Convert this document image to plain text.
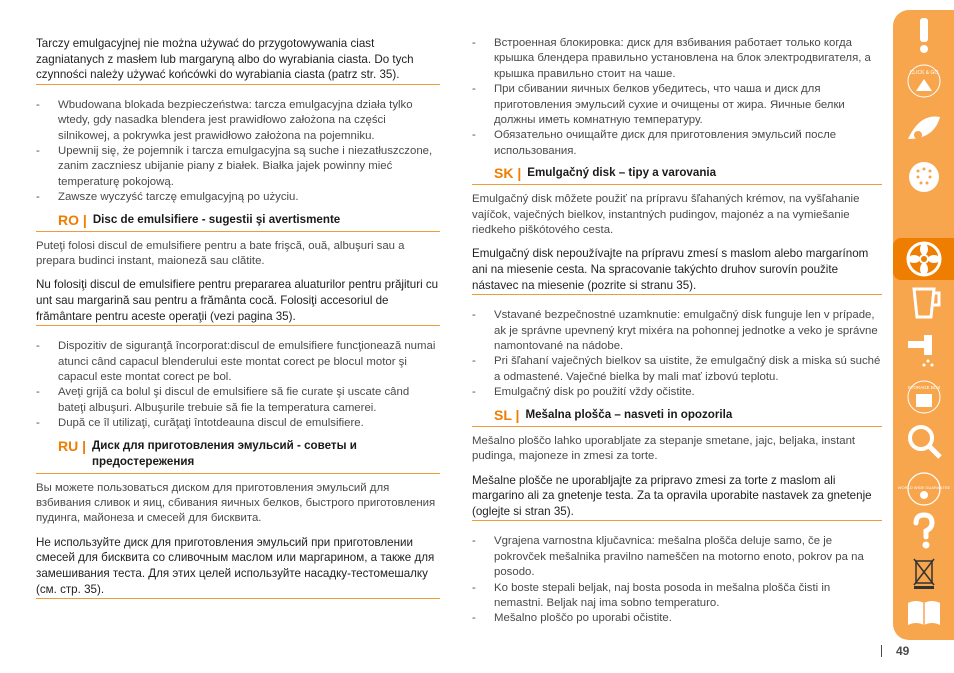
Tarczy emulgacyjnej nie można używać do przygotowywania ciast zagniatanych z masłem lub margaryną albo do wyrabiania ciasta. Do tych czynności należy używać końcówki do wyrabiania ciasta (patrz str. 35).
- Wbudowana blokada bezpieczeństwa: tarcza emulgacyjna działa tylko wtedy, gdy nasadka blendera jest prawidłowo założona na części silnikowej, a pokrywka jest prawidłowo założona na pojemniku.
- Upewnij się, że pojemnik i tarcza emulgacyjna są suche i niezatłuszczone, zanim zaczniesz ubijanie piany z białek. Białka jajek powinny mieć temperaturę pokojową.
- Zawsze wyczyść tarczę emulgacyjną po użyciu.
RO | Disc de emulsifiere - sugestii şi avertismente

Puteţi folosi discul de emulsifiere pentru a bate frişcă, ouă, albuşuri sau a prepara budinci instant, maioneză sau clătite.

Nu folosiţi discul de emulsifiere pentru prepararea aluaturilor pentru prăjituri cu unt sau margarină sau pentru a frământa cocă. Folosiţi accesoriul de frământare pentru aceste operaţii (vezi pagina 35).
- Dispozitiv de siguranţă încorporat:discul de emulsifiere funcţionează numai atunci când capacul blenderului este montat corect pe blocul motor şi capacul este montat corect pe bol.
- Aveţi grijă ca bolul şi discul de emulsifiere să fie curate şi uscate când bateţi albuşuri. Albuşurile trebuie să fie la temperatura camerei.
- După ce îl utilizaţi, curăţaţi întotdeauna discul de emulsifiere.
RU | Диск для приготовления эмульсий - советы и предостережения

Вы можете пользоваться диском для приготовления эмульсий для взбивания сливок и яиц, сбивания яичных белков, быстрого приготовления пудинга, майонеза и смесей для бисквита.

Не используйте диск для приготовления эмульсий при приготовлении смесей для бисквита со сливочным маслом или маргарином, а также для замешивания теста. Для этих целей используйте насадку-тестомешалку (см. стр. 35).
- Встроенная блокировка: диск для взбивания работает только когда крышка блендера правильно установлена на блок электродвигателя, а крышка правильно стоит на чаше.
- При сбивании яичных белков убедитесь, что чаша и диск для приготовления эмульсий сухие и очищены от жира. Яичные белки должны иметь комнатную температуру.
- Обязательно очищайте диск для приготовления эмульсий после использования.
SK | Emulgačný disk – tipy a varovania

Emulgačný disk môžete použiť na prípravu šľahaných krémov, na vyšľahanie vajíčok, vaječných bielkov, instantných pudingov, majonéz a na vymiešanie riedkeho piškótového cesta.

Emulgačný disk nepoužívajte na prípravu zmesí s maslom alebo margarínom ani na miesenie cesta. Na spracovanie takýchto druhov surovín použite nástavec na miesenie (pozrite si stranu 35).
- Vstavané bezpečnostné uzamknutie: emulgačný disk funguje len v prípade, ak je správne upevnený kryt mixéra na pohonnej jednotke a veko je správne namontované na nádobe.
- Pri šľahaní vaječných bielkov sa uistite, že emulgačný disk a miska sú suché a odmastené. Vaječné bielka by mali mať izbovú teplotu.
- Emulgačný disk po použití vždy očistite.
SL | Mešalna plošča – nasveti in opozorila

Mešalno ploščo lahko uporabljate za stepanje smetane, jajc, beljaka, instant pudinga, majoneze in zmesi za torte.

Mešalne plošče ne uporabljajte za pripravo zmesi za torte z maslom ali margarino ali za gnetenje testa. Za ta opravila uporabite nastavek za gnetenje (oglejte si stran 35).
- Vgrajena varnostna ključavnica: mešalna plošča deluje samo, če je pokrovček mešalnika pravilno nameščen na motorno enoto, pokrov pa na posodo.
- Ko boste stepali beljak, naj bosta posoda in mešalna plošča čisti in nemastni. Beljak naj ima sobno temperaturo.
- Mešalno ploščo po uporabi očistite.
CLICK & GO
STORAGE BOX
WORLD WIDE GUARANTEE
49
